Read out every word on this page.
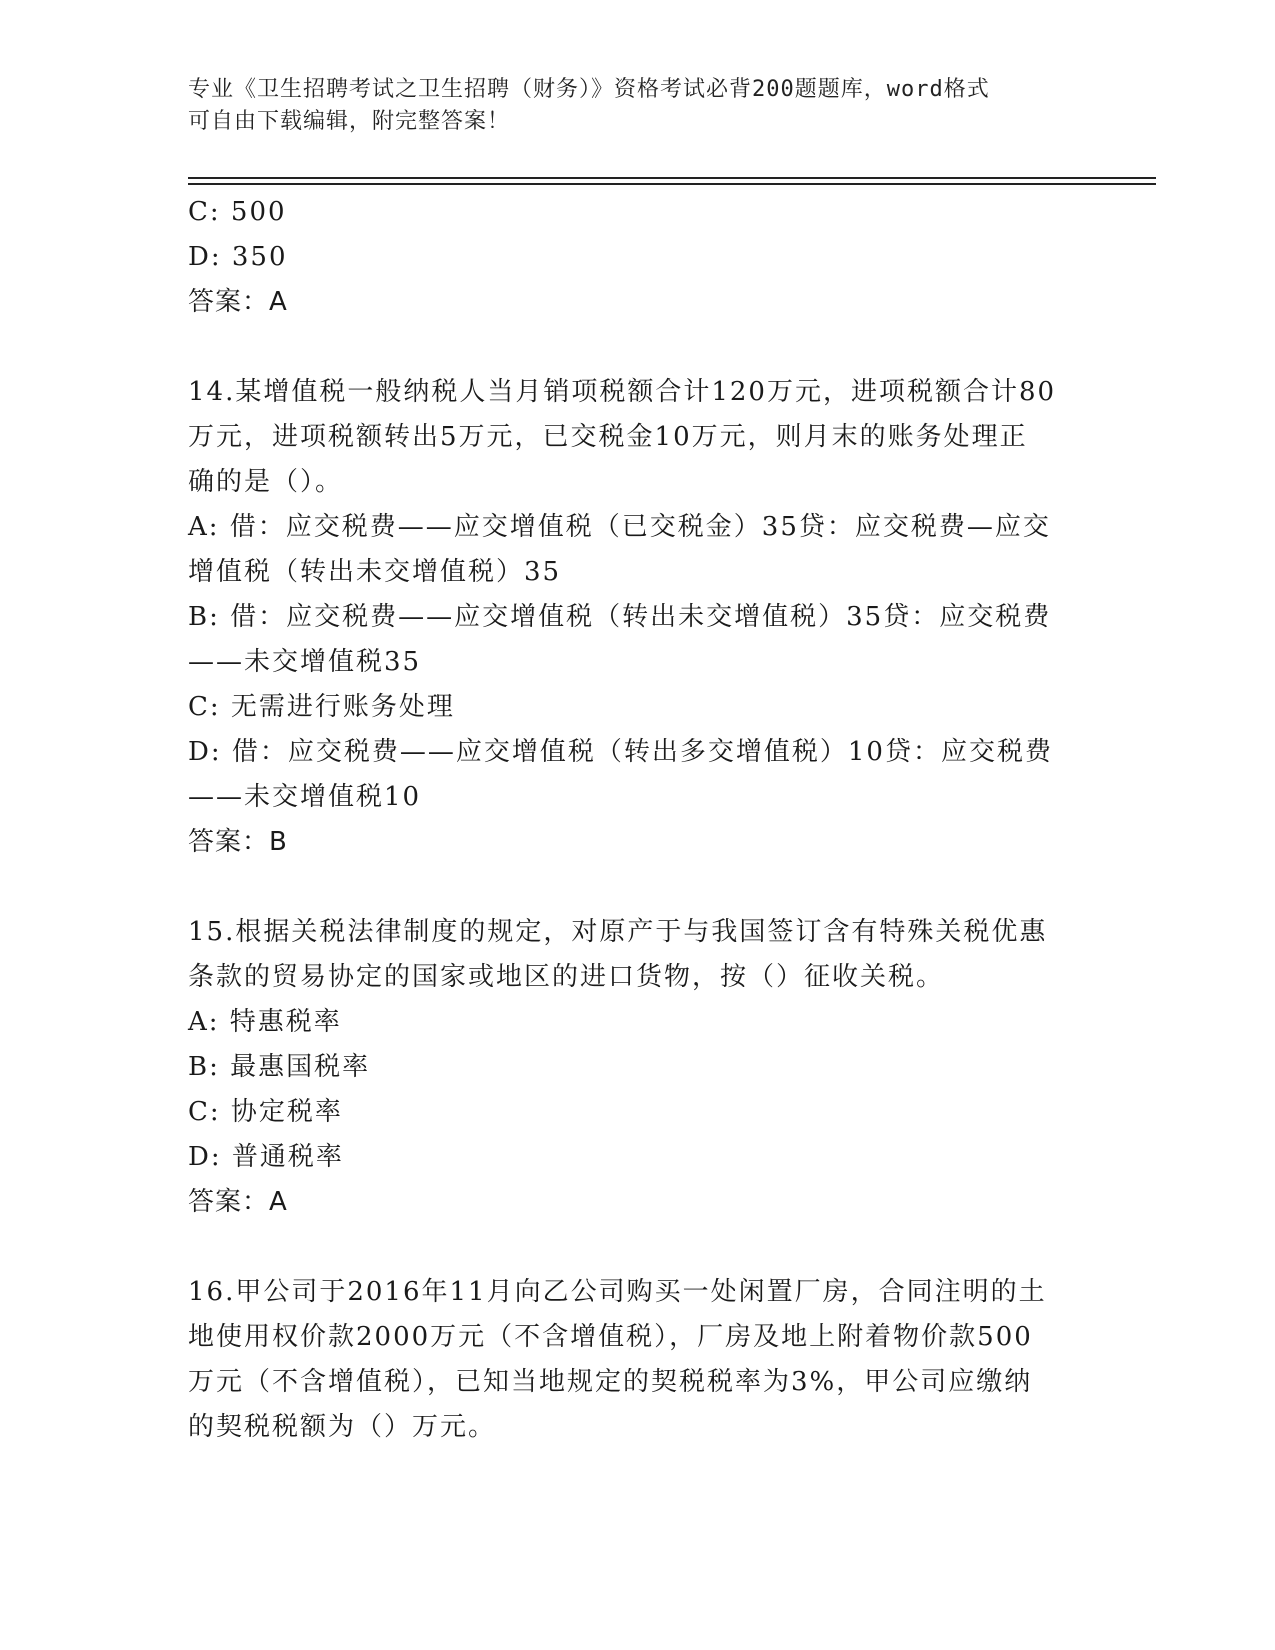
专业《卫生招聘考试之卫生招聘（财务）》资格考试必背200题题库，word格式
可自由下载编辑，附完整答案！
C: 500
D: 350
答案：A
14.某增值税一般纳税人当月销项税额合计120万元，进项税额合计80
万元，进项税额转出5万元，已交税金10万元，则月末的账务处理正
确的是（）。
A: 借：应交税费——应交增值税（已交税金）35贷：应交税费—应交
增值税（转出未交增值税）35
B: 借：应交税费——应交增值税（转出未交增值税）35贷：应交税费
——未交增值税35
C: 无需进行账务处理
D: 借：应交税费——应交增值税（转出多交增值税）10贷：应交税费
——未交增值税10
答案：B
15.根据关税法律制度的规定，对原产于与我国签订含有特殊关税优惠
条款的贸易协定的国家或地区的进口货物，按（）征收关税。
A: 特惠税率
B: 最惠国税率
C: 协定税率
D: 普通税率
答案：A
16.甲公司于2016年11月向乙公司购买一处闲置厂房，合同注明的土
地使用权价款2000万元（不含增值税），厂房及地上附着物价款500
万元（不含增值税），已知当地规定的契税税率为3%，甲公司应缴纳
的契税税额为（）万元。
